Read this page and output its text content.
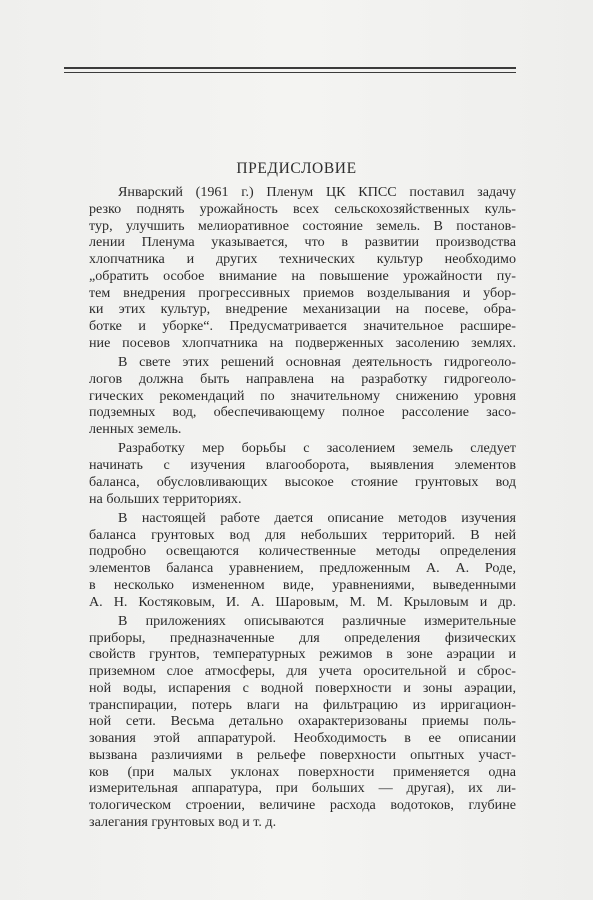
ПРЕДИСЛОВИЕ
Январский (1961 г.) Пленум ЦК КПСС поставил задачу
резко поднять урожайность всех сельскохозяйственных куль-
тур, улучшить мелиоративное состояние земель. В постанов-
лении Пленума указывается, что в развитии производства
хлопчатника и других технических культур необходимо
„обратить особое внимание на повышение урожайности пу-
тем внедрения прогрессивных приемов возделывания и убор-
ки этих культур, внедрение механизации на посеве, обра-
ботке и уборке“. Предусматривается значительное расшире-
ние посевов хлопчатника на подверженных засолению землях.
В свете этих решений основная деятельность гидрогеоло-
логов должна быть направлена на разработку гидрогеоло-
гических рекомендаций по значительному снижению уровня
подземных вод, обеспечивающему полное рассоление засо-
ленных земель.
Разработку мер борьбы с засолением земель следует
начинать с изучения влагооборота, выявления элементов
баланса, обусловливающих высокое стояние грунтовых вод
на больших территориях.
В настоящей работе дается описание методов изучения
баланса грунтовых вод для небольших территорий. В ней
подробно освещаются количественные методы определения
элементов баланса уравнением, предложенным А. А. Роде,
в несколько измененном виде, уравнениями, выведенными
А. Н. Костяковым, И. А. Шаровым, М. М. Крыловым и др.
В приложениях описываются различные измерительные
приборы, предназначенные для определения физических
свойств грунтов, температурных режимов в зоне аэрации и
приземном слое атмосферы, для учета оросительной и сброс-
ной воды, испарения с водной поверхности и зоны аэрации,
транспирации, потерь влаги на фильтрацию из ирригацион-
ной сети. Весьма детально охарактеризованы приемы поль-
зования этой аппаратурой. Необходимость в ее описании
вызвана различиями в рельефе поверхности опытных участ-
ков (при малых уклонах поверхности применяется одна
измерительная аппаратура, при больших — другая), их ли-
тологическом строении, величине расхода водотоков, глубине
залегания грунтовых вод и т. д.
